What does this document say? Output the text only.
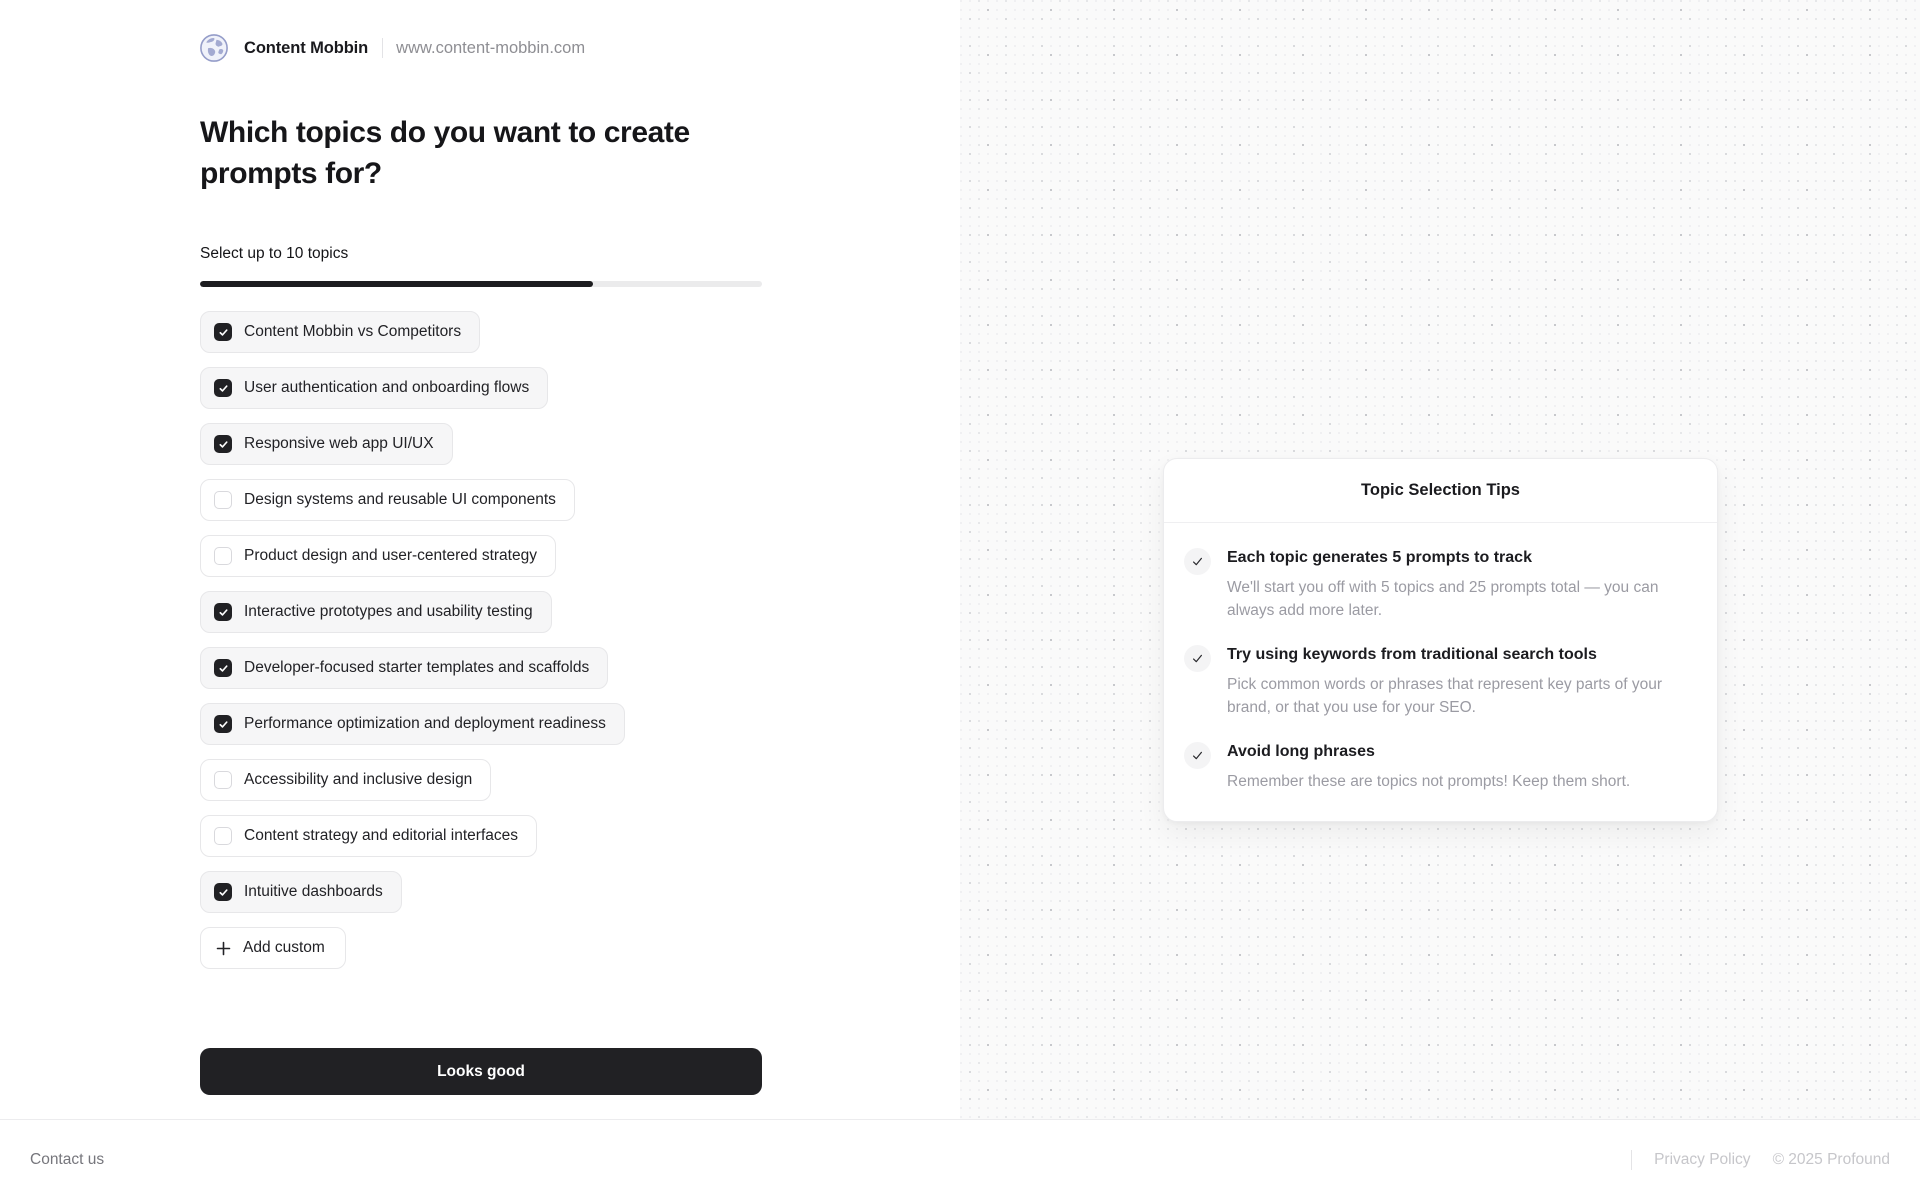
Content Mobbin www.content-mobbin.com
Which topics do you want to create prompts for?
Select up to 10 topics
Content Mobbin vs Competitors
User authentication and onboarding flows
Responsive web app UI/UX
Design systems and reusable UI components
Product design and user-centered strategy
Interactive prototypes and usability testing
Developer-focused starter templates and scaffolds
Performance optimization and deployment readiness
Accessibility and inclusive design
Content strategy and editorial interfaces
Intuitive dashboards
Add custom
Looks good
Topic Selection Tips
Each topic generates 5 prompts to track
We'll start you off with 5 topics and 25 prompts total — you can always add more later.
Try using keywords from traditional search tools
Pick common words or phrases that represent key parts of your brand, or that you use for your SEO.
Avoid long phrases
Remember these are topics not prompts! Keep them short.
Contact us	Privacy Policy © 2025 Profound
